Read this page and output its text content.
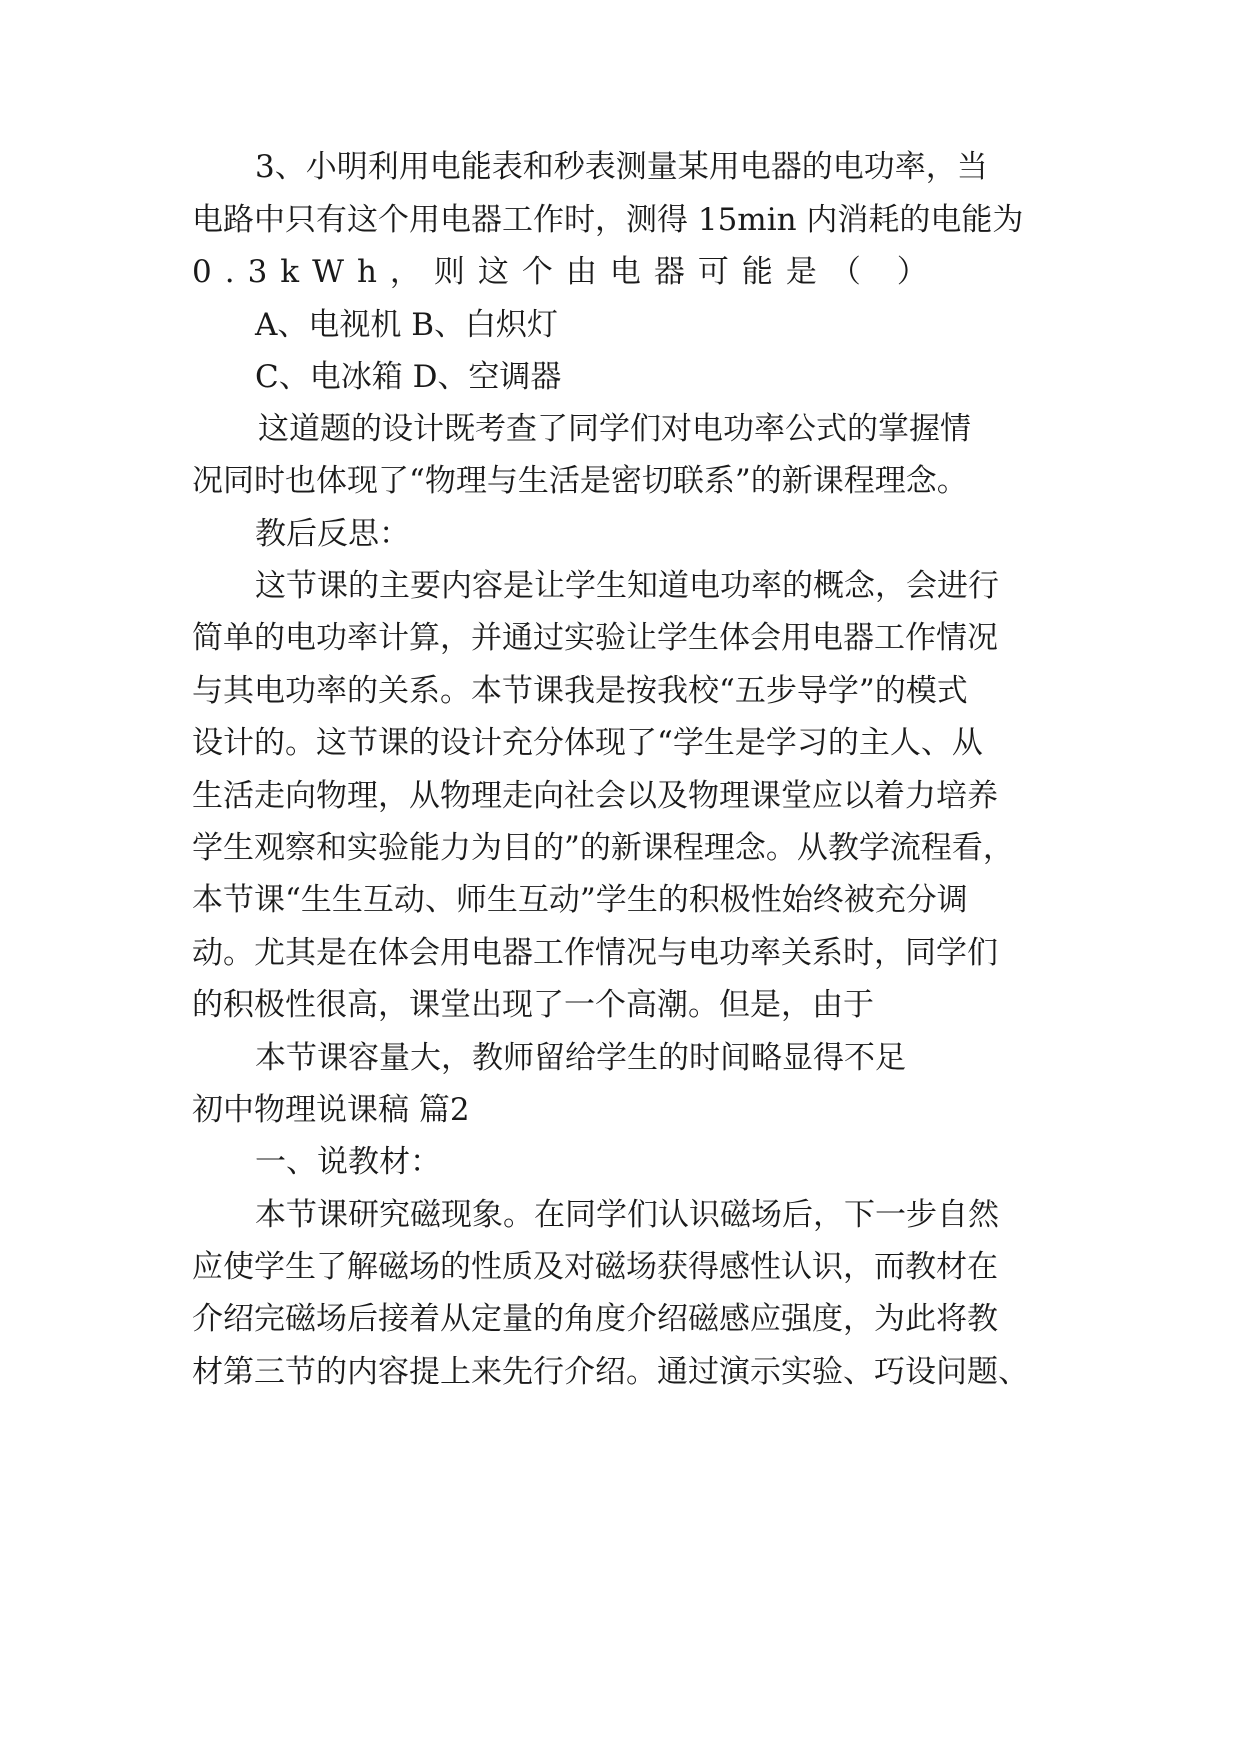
3、小明利用电能表和秒表测量某用电器的电功率，当
电路中只有这个用电器工作时，测得 15min 内消耗的电能为
0.3kWh，则这个由电器可能是（ ）
A、电视机 B、白炽灯
C、电冰箱 D、空调器
这道题的设计既考查了同学们对电功率公式的掌握情
况同时也体现了“物理与生活是密切联系”的新课程理念。
教后反思：
这节课的主要内容是让学生知道电功率的概念，会进行
简单的电功率计算，并通过实验让学生体会用电器工作情况
与其电功率的关系。本节课我是按我校“五步导学”的模式
设计的。这节课的设计充分体现了“学生是学习的主人、从
生活走向物理，从物理走向社会以及物理课堂应以着力培养
学生观察和实验能力为目的”的新课程理念。从教学流程看，
本节课“生生互动、师生互动”学生的积极性始终被充分调
动。尤其是在体会用电器工作情况与电功率关系时，同学们
的积极性很高，课堂出现了一个高潮。但是，由于
本节课容量大，教师留给学生的时间略显得不足
初中物理说课稿 篇2
一、说教材：
本节课研究磁现象。在同学们认识磁场后，下一步自然
应使学生了解磁场的性质及对磁场获得感性认识，而教材在
介绍完磁场后接着从定量的角度介绍磁感应强度，为此将教
材第三节的内容提上来先行介绍。通过演示实验、巧设问题、
